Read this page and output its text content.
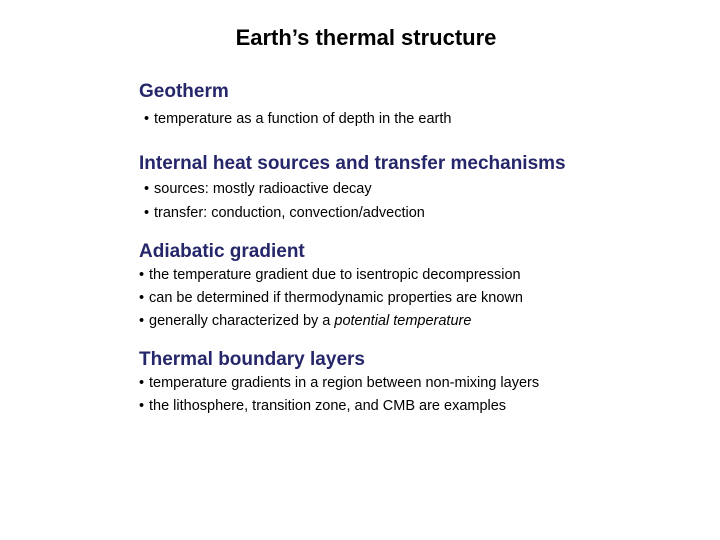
Earth’s thermal structure
Geotherm
• temperature as a function of depth in the earth
Internal heat sources and transfer mechanisms
• sources: mostly radioactive decay
• transfer: conduction, convection/advection
Adiabatic gradient
• the temperature gradient due to isentropic decompression
• can be determined if thermodynamic properties are known
• generally characterized by a potential temperature
Thermal boundary layers
• temperature gradients in a region between non-mixing layers
• the lithosphere, transition zone, and CMB are examples
